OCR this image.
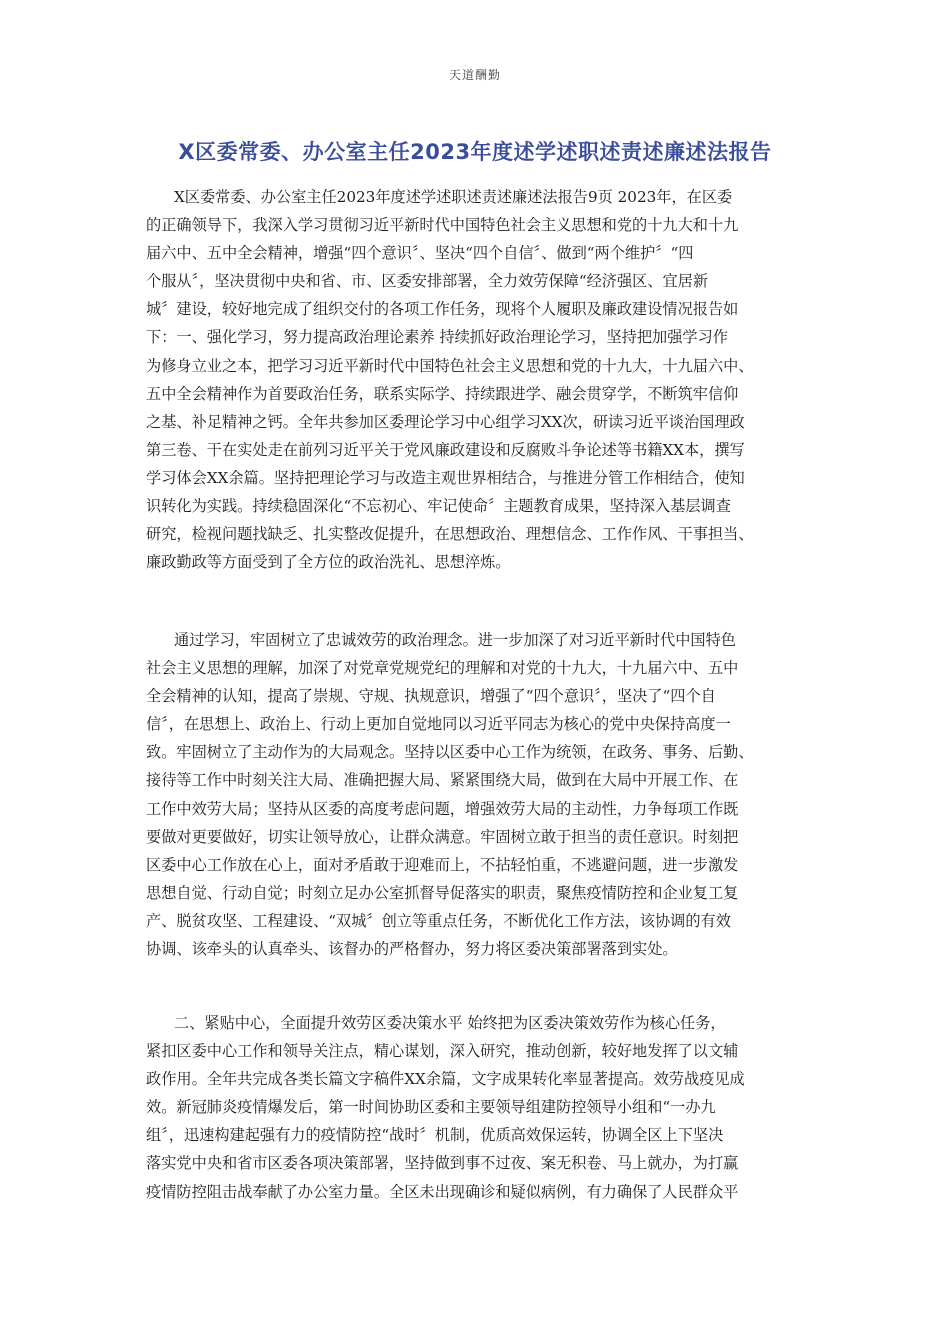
天道酬勤
X区委常委、办公室主任2023年度述学述职述责述廉述法报告
X区委常委、办公室主任2023年度述学述职述责述廉述法报告9页 2023年，在区委
的正确领导下，我深入学习贯彻习近平新时代中国特色社会主义思想和党的十九大和十九
届六中、五中全会精神，增强“四个意识〞、坚决“四个自信〞、做到“两个维护〞“四
个服从〞，坚决贯彻中央和省、市、区委安排部署，全力效劳保障“经济强区、宜居新
城〞建设，较好地完成了组织交付的各项工作任务，现将个人履职及廉政建设情况报告如
下：一、强化学习，努力提高政治理论素养 持续抓好政治理论学习，坚持把加强学习作
为修身立业之本，把学习习近平新时代中国特色社会主义思想和党的十九大，十九届六中、
五中全会精神作为首要政治任务，联系实际学、持续跟进学、融会贯穿学，不断筑牢信仰
之基、补足精神之钙。全年共参加区委理论学习中心组学习XX次，研读习近平谈治国理政
第三卷、干在实处走在前列习近平关于党风廉政建设和反腐败斗争论述等书籍XX本，撰写
学习体会XX余篇。坚持把理论学习与改造主观世界相结合，与推进分管工作相结合，使知
识转化为实践。持续稳固深化“不忘初心、牢记使命〞主题教育成果，坚持深入基层调查
研究，检视问题找缺乏、扎实整改促提升，在思想政治、理想信念、工作作风、干事担当、
廉政勤政等方面受到了全方位的政治洗礼、思想淬炼。
通过学习，牢固树立了忠诚效劳的政治理念。进一步加深了对习近平新时代中国特色
社会主义思想的理解，加深了对党章党规党纪的理解和对党的十九大，十九届六中、五中
全会精神的认知，提高了崇规、守规、执规意识，增强了“四个意识〞，坚决了“四个自
信〞，在思想上、政治上、行动上更加自觉地同以习近平同志为核心的党中央保持高度一
致。牢固树立了主动作为的大局观念。坚持以区委中心工作为统领，在政务、事务、后勤、
接待等工作中时刻关注大局、准确把握大局、紧紧围绕大局，做到在大局中开展工作、在
工作中效劳大局；坚持从区委的高度考虑问题，增强效劳大局的主动性，力争每项工作既
要做对更要做好，切实让领导放心，让群众满意。牢固树立敢于担当的责任意识。时刻把
区委中心工作放在心上，面对矛盾敢于迎难而上，不拈轻怕重，不逃避问题，进一步激发
思想自觉、行动自觉；时刻立足办公室抓督导促落实的职责，聚焦疫情防控和企业复工复
产、脱贫攻坚、工程建设、“双城〞创立等重点任务，不断优化工作方法，该协调的有效
协调、该牵头的认真牵头、该督办的严格督办，努力将区委决策部署落到实处。
二、紧贴中心，全面提升效劳区委决策水平 始终把为区委决策效劳作为核心任务，
紧扣区委中心工作和领导关注点，精心谋划，深入研究，推动创新，较好地发挥了以文辅
政作用。全年共完成各类长篇文字稿件XX余篇，文字成果转化率显著提高。效劳战疫见成
效。新冠肺炎疫情爆发后，第一时间协助区委和主要领导组建防控领导小组和“一办九
组〞，迅速构建起强有力的疫情防控“战时〞机制，优质高效保运转，协调全区上下坚决
落实党中央和省市区委各项决策部署，坚持做到事不过夜、案无积卷、马上就办，为打赢
疫情防控阻击战奉献了办公室力量。全区未出现确诊和疑似病例，有力确保了人民群众平
